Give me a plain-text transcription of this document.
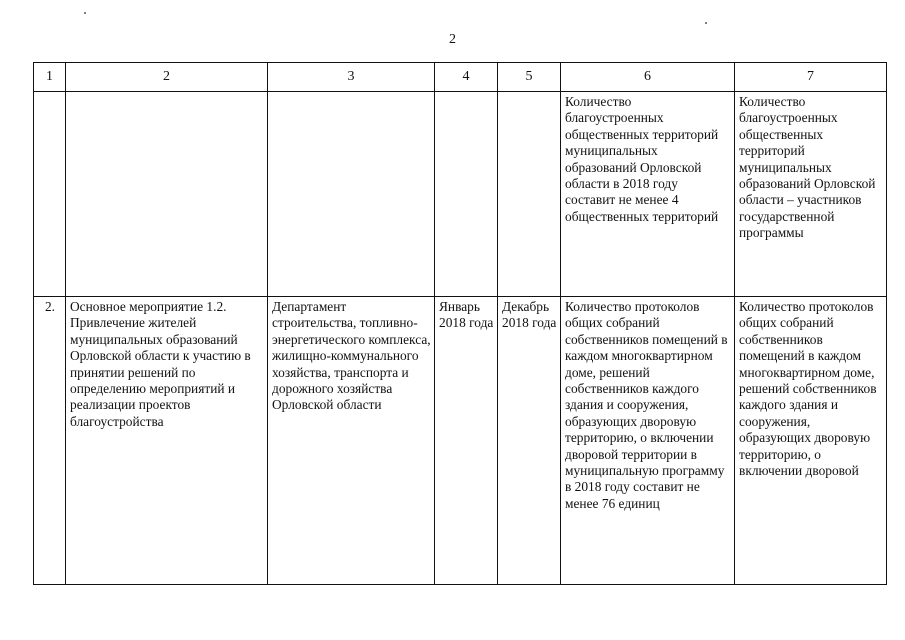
2
1	2	3	4	5	6	7
					Количество благоустроенных общественных территорий муниципальных образований Орловской области в 2018 году составит не менее 4 общественных территорий	Количество благоустроенных общественных территорий муниципальных образований Орловской области – участников государственной программы
2.	Основное мероприятие 1.2. Привлечение жителей муниципальных образований Орловской области к участию в принятии решений по определению мероприятий и реализации проектов благоустройства	Департамент строительства, топливно-энергетического комплекса, жилищно-коммунального хозяйства, транспорта и дорожного хозяйства Орловской области	Январь 2018 года	Декабрь 2018 года	Количество протоколов общих собраний собственников помещений в каждом многоквартирном доме, решений собственников каждого здания и сооружения, образующих дворовую территорию, о включении дворовой территории в муниципальную программу в 2018 году составит не менее 76 единиц	Количество протоколов общих собраний собственников помещений в каждом многоквартирном доме, решений собственников каждого здания и сооружения, образующих дворовую территорию, о включении дворовой
